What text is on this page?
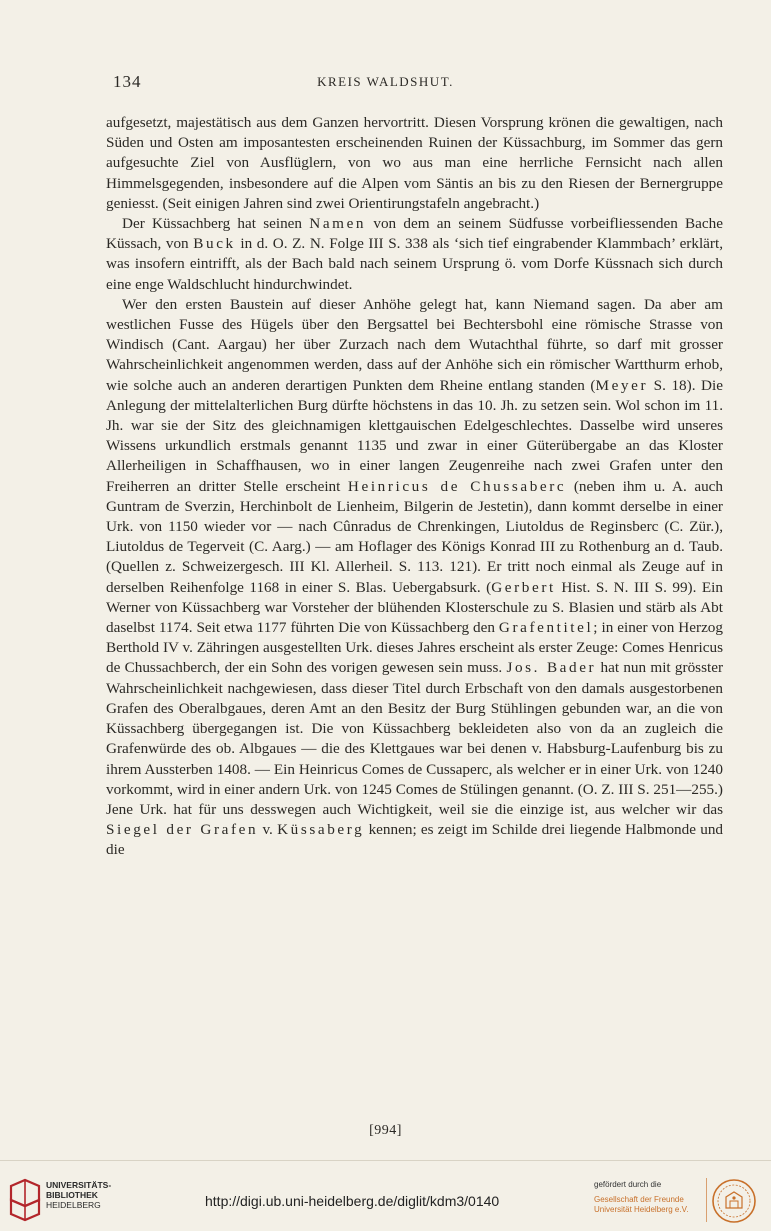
134	KREIS WALDSHUT.

aufgesetzt, majestätisch aus dem Ganzen hervortritt. Diesen Vorsprung krönen die gewaltigen, nach Süden und Osten am imposantesten erscheinenden Ruinen der Küssachburg, im Sommer das gern aufgesuchte Ziel von Ausflüglern, von wo aus man eine herrliche Fernsicht nach allen Himmelsgegenden, insbesondere auf die Alpen vom Säntis an bis zu den Riesen der Bernergruppe geniesst. (Seit einigen Jahren sind zwei Orientirungstafeln angebracht.)

Der Küssachberg hat seinen Namen von dem an seinem Südfusse vorbeifliessenden Bache Küssach, von Buck in d. O. Z. N. Folge III S. 338 als ‘sich tief eingrabender Klammbach’ erklärt, was insofern eintrifft, als der Bach bald nach seinem Ursprung ö. vom Dorfe Küssnach sich durch eine enge Waldschlucht hindurchwindet.

Wer den ersten Baustein auf dieser Anhöhe gelegt hat, kann Niemand sagen. Da aber am westlichen Fusse des Hügels über den Bergsattel bei Bechtersbohl eine römische Strasse von Windisch (Cant. Aargau) her über Zurzach nach dem Wutachthal führte, so darf mit grosser Wahrscheinlichkeit angenommen werden, dass auf der Anhöhe sich ein römischer Wartthurm erhob, wie solche auch an anderen derartigen Punkten dem Rheine entlang standen (Meyer S. 18). Die Anlegung der mittelalterlichen Burg dürfte höchstens in das 10. Jh. zu setzen sein. Wol schon im 11. Jh. war sie der Sitz des gleichnamigen klettgauischen Edelgeschlechtes. Dasselbe wird unseres Wissens urkundlich erstmals genannt 1135 und zwar in einer Güterübergabe an das Kloster Allerheiligen in Schaffhausen, wo in einer langen Zeugenreihe nach zwei Grafen unter den Freiherren an dritter Stelle erscheint Heinricus de Chussaberc (neben ihm u. A. auch Guntram de Sverzin, Herchinbolt de Lienheim, Bilgerin de Jestetin), dann kommt derselbe in einer Urk. von 1150 wieder vor — nach Cûnradus de Chrenkingen, Liutoldus de Reginsberc (C. Zür.), Liutoldus de Tegerveit (C. Aarg.) — am Hoflager des Königs Konrad III zu Rothenburg an d. Taub. (Quellen z. Schweizergesch. III Kl. Allerheil. S. 113. 121). Er tritt noch einmal als Zeuge auf in derselben Reihenfolge 1168 in einer S. Blas. Uebergabsurk. (Gerbert Hist. S. N. III S. 99). Ein Werner von Küssachberg war Vorsteher der blühenden Klosterschule zu S. Blasien und stärb als Abt daselbst 1174. Seit etwa 1177 führten Die von Küssachberg den Grafentitel; in einer von Herzog Berthold IV v. Zähringen ausgestellten Urk. dieses Jahres erscheint als erster Zeuge: Comes Henricus de Chussachberch, der ein Sohn des vorigen gewesen sein muss. Jos. Bader hat nun mit grösster Wahrscheinlichkeit nachgewiesen, dass dieser Titel durch Erbschaft von den damals ausgestorbenen Grafen des Oberalbgaues, deren Amt an den Besitz der Burg Stühlingen gebunden war, an die von Küssachberg übergegangen ist. Die von Küssachberg bekleideten also von da an zugleich die Grafenwürde des ob. Albgaues — die des Klettgaues war bei denen v. Habsburg-Laufenburg bis zu ihrem Aussterben 1408. — Ein Heinricus Comes de Cussaperc, als welcher er in einer Urk. von 1240 vorkommt, wird in einer andern Urk. von 1245 Comes de Stülingen genannt. (O. Z. III S. 251—255.) Jene Urk. hat für uns desswegen auch Wichtigkeit, weil sie die einzige ist, aus welcher wir das Siegel der Grafen v. Küssaberg kennen; es zeigt im Schilde drei liegende Halbmonde und die

[994]
UNIVERSITÄTS-
BIBLIOTHEK
HEIDELBERG	http://digi.ub.uni-heidelberg.de/diglit/kdm3/0140
gefördert durch die
Gesellschaft der Freunde
Universität Heidelberg e.V.
